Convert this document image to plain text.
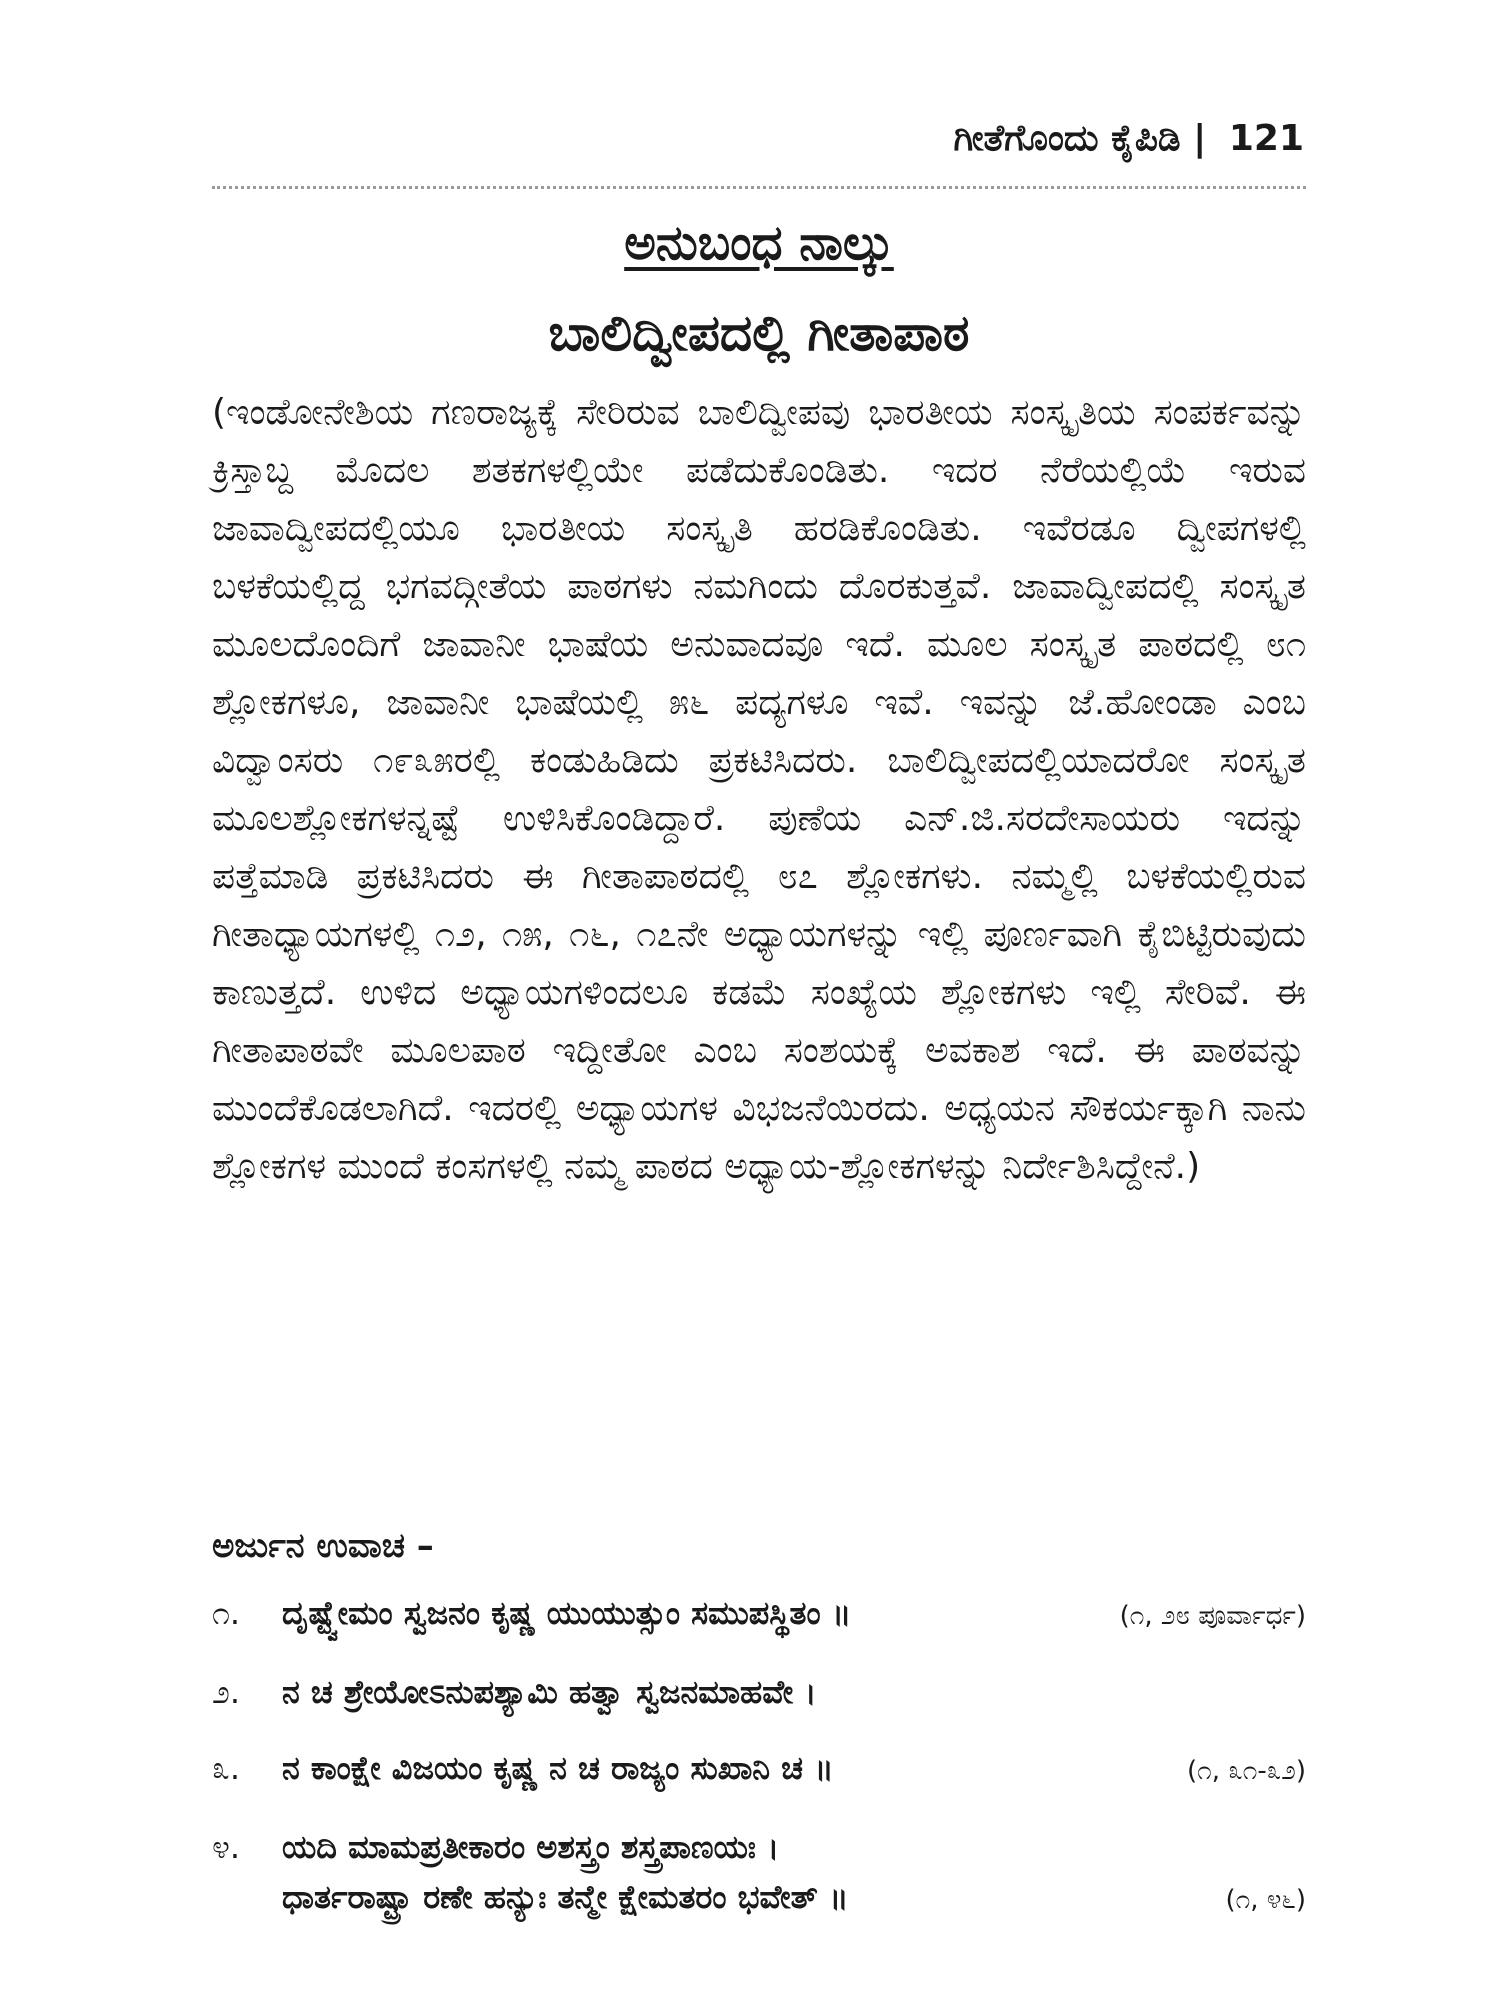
ಗೀತೆಗೊಂದು ಕೈಪಿಡಿ | 121
ಅನುಬಂಧ ನಾಲ್ಕು
ಬಾಲಿದ್ವೀಪದಲ್ಲಿ ಗೀತಾಪಾಠ

(ಇಂಡೋನೇಶಿಯ ಗಣರಾಜ್ಯಕ್ಕೆ ಸೇರಿರುವ ಬಾಲಿದ್ವೀಪವು ಭಾರತೀಯ ಸಂಸ್ಕೃತಿಯ ಸಂಪರ್ಕವನ್ನು ಕ್ರಿಸ್ತಾಬ್ದ ಮೊದಲ ಶತಕಗಳಲ್ಲಿಯೇ ಪಡೆದುಕೊಂಡಿತು. ಇದರ ನೆರೆಯಲ್ಲಿಯೆ ಇರುವ ಜಾವಾದ್ವೀಪದಲ್ಲಿಯೂ ಭಾರತೀಯ ಸಂಸ್ಕೃತಿ ಹರಡಿಕೊಂಡಿತು. ಇವೆರಡೂ ದ್ವೀಪಗಳಲ್ಲಿ ಬಳಕೆಯಲ್ಲಿದ್ದ ಭಗವದ್ಗೀತೆಯ ಪಾಠಗಳು ನಮಗಿಂದು ದೊರಕುತ್ತವೆ. ಜಾವಾದ್ವೀಪದಲ್ಲಿ ಸಂಸ್ಕೃತ ಮೂಲದೊಂದಿಗೆ ಜಾವಾನೀ ಭಾಷೆಯ ಅನುವಾದವೂ ಇದೆ. ಮೂಲ ಸಂಸ್ಕೃತ ಪಾಠದಲ್ಲಿ ೮೧ ಶ್ಲೋಕಗಳೂ, ಜಾವಾನೀ ಭಾಷೆಯಲ್ಲಿ ೫೬ ಪದ್ಯಗಳೂ ಇವೆ. ಇವನ್ನು ಜೆ.ಹೋಂಡಾ ಎಂಬ ವಿದ್ವಾಂಸರು ೧೯೩೫ರಲ್ಲಿ ಕಂಡುಹಿಡಿದು ಪ್ರಕಟಿಸಿದರು. ಬಾಲಿದ್ವೀಪದಲ್ಲಿಯಾದರೋ ಸಂಸ್ಕೃತ ಮೂಲಶ್ಲೋಕಗಳನ್ನಷ್ಟೆ ಉಳಿಸಿಕೊಂಡಿದ್ದಾರೆ. ಪುಣೆಯ ಎನ್.ಜಿ.ಸರದೇಸಾಯರು ಇದನ್ನು ಪತ್ತೆಮಾಡಿ ಪ್ರಕಟಿಸಿದರು ಈ ಗೀತಾಪಾಠದಲ್ಲಿ ೮೭ ಶ್ಲೋಕಗಳು. ನಮ್ಮಲ್ಲಿ ಬಳಕೆಯಲ್ಲಿರುವ ಗೀತಾಧ್ಯಾಯಗಳಲ್ಲಿ ೧೨, ೧೫, ೧೬, ೧೭ನೇ ಅಧ್ಯಾಯಗಳನ್ನು ಇಲ್ಲಿ ಪೂರ್ಣವಾಗಿ ಕೈಬಿಟ್ಟಿರುವುದು ಕಾಣುತ್ತದೆ. ಉಳಿದ ಅಧ್ಯಾಯಗಳಿಂದಲೂ ಕಡಮೆ ಸಂಖ್ಯೆಯ ಶ್ಲೋಕಗಳು ಇಲ್ಲಿ ಸೇರಿವೆ. ಈ ಗೀತಾಪಾಠವೇ ಮೂಲಪಾಠ ಇದ್ದೀತೋ ಎಂಬ ಸಂಶಯಕ್ಕೆ ಅವಕಾಶ ಇದೆ. ಈ ಪಾಠವನ್ನು ಮುಂದೆಕೊಡಲಾಗಿದೆ. ಇದರಲ್ಲಿ ಅಧ್ಯಾಯಗಳ ವಿಭಜನೆಯಿರದು. ಅಧ್ಯಯನ ಸೌಕರ್ಯಕ್ಕಾಗಿ ನಾನು ಶ್ಲೋಕಗಳ ಮುಂದೆ ಕಂಸಗಳಲ್ಲಿ ನಮ್ಮ ಪಾಠದ ಅಧ್ಯಾಯ-ಶ್ಲೋಕಗಳನ್ನು ನಿರ್ದೇಶಿಸಿದ್ದೇನೆ.)

ಅರ್ಜುನ ಉವಾಚ –
೧.	ದೃಷ್ಟ್ವೇಮಂ ಸ್ವಜನಂ ಕೃಷ್ಣ ಯುಯುತ್ಸುಂ ಸಮುಪಸ್ಥಿತಂ ॥	(೧, ೨೮ ಪೂರ್ವಾರ್ಧ)
೨.	ನ ಚ ಶ್ರೇಯೋಽನುಪಶ್ಯಾಮಿ ಹತ್ವಾ ಸ್ವಜನಮಾಹವೇ ।
೩.	ನ ಕಾಂಕ್ಷೇ ವಿಜಯಂ ಕೃಷ್ಣ ನ ಚ ರಾಜ್ಯಂ ಸುಖಾನಿ ಚ ॥	(೧, ೩೧-೩೨)
೪.	ಯದಿ ಮಾಮಪ್ರತೀಕಾರಂ ಅಶಸ್ತ್ರಂ ಶಸ್ತ್ರಪಾಣಯಃ ।
ಧಾರ್ತರಾಷ್ಟ್ರಾ ರಣೇ ಹನ್ಯುಃ ತನ್ಮೇ ಕ್ಷೇಮತರಂ ಭವೇತ್ ॥	(೧, ೪೬)
